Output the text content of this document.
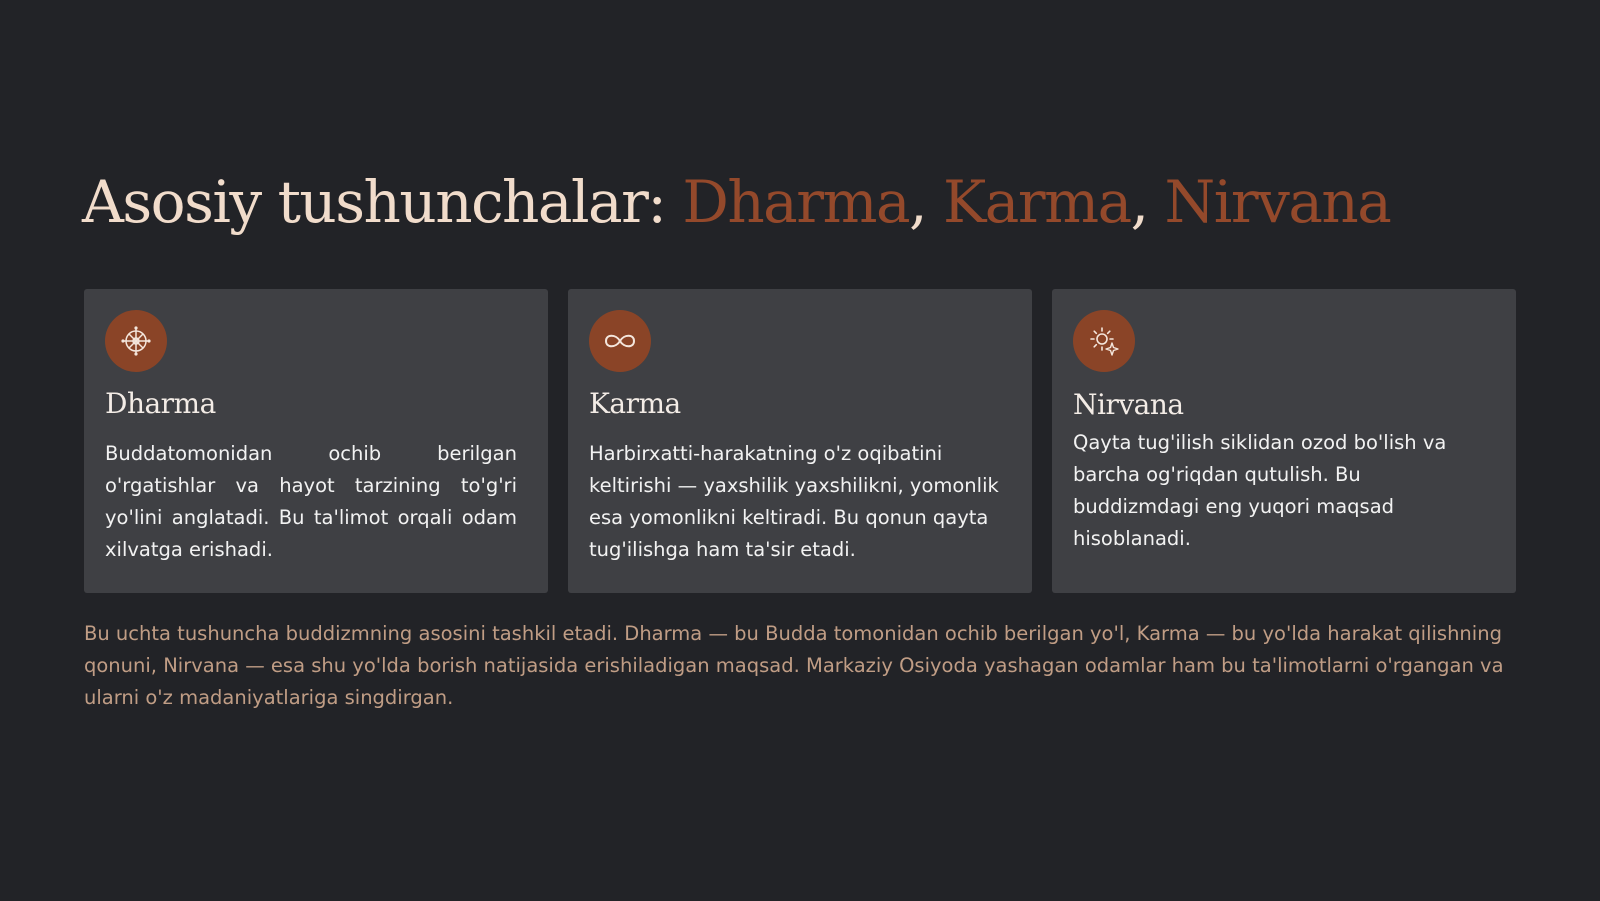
Asosiy tushunchalar: Dharma, Karma, Nirvana
Dharma

Buddatomonidan ochib berilgan o'rgatishlar va hayot tarzining to'g'ri yo'lini anglatadi. Bu ta'limot orqali odam xilvatga erishadi.

Karma

Harbirxatti-harakatning o'z oqibatini keltirishi — yaxshilik yaxshilikni, yomonlik esa yomonlikni keltiradi. Bu qonun qayta tug'ilishga ham ta'sir etadi.

Nirvana

Qayta tug'ilish siklidan ozod bo'lish va barcha og'riqdan qutulish. Bu buddizmdagi eng yuqori maqsad hisoblanadi.

Bu uchta tushuncha buddizmning asosini tashkil etadi. Dharma — bu Budda tomonidan ochib berilgan yo'l, Karma — bu yo'lda harakat qilishning qonuni, Nirvana — esa shu yo'lda borish natijasida erishiladigan maqsad. Markaziy Osiyoda yashagan odamlar ham bu ta'limotlarni o'rgangan va ularni o'z madaniyatlariga singdirgan.
